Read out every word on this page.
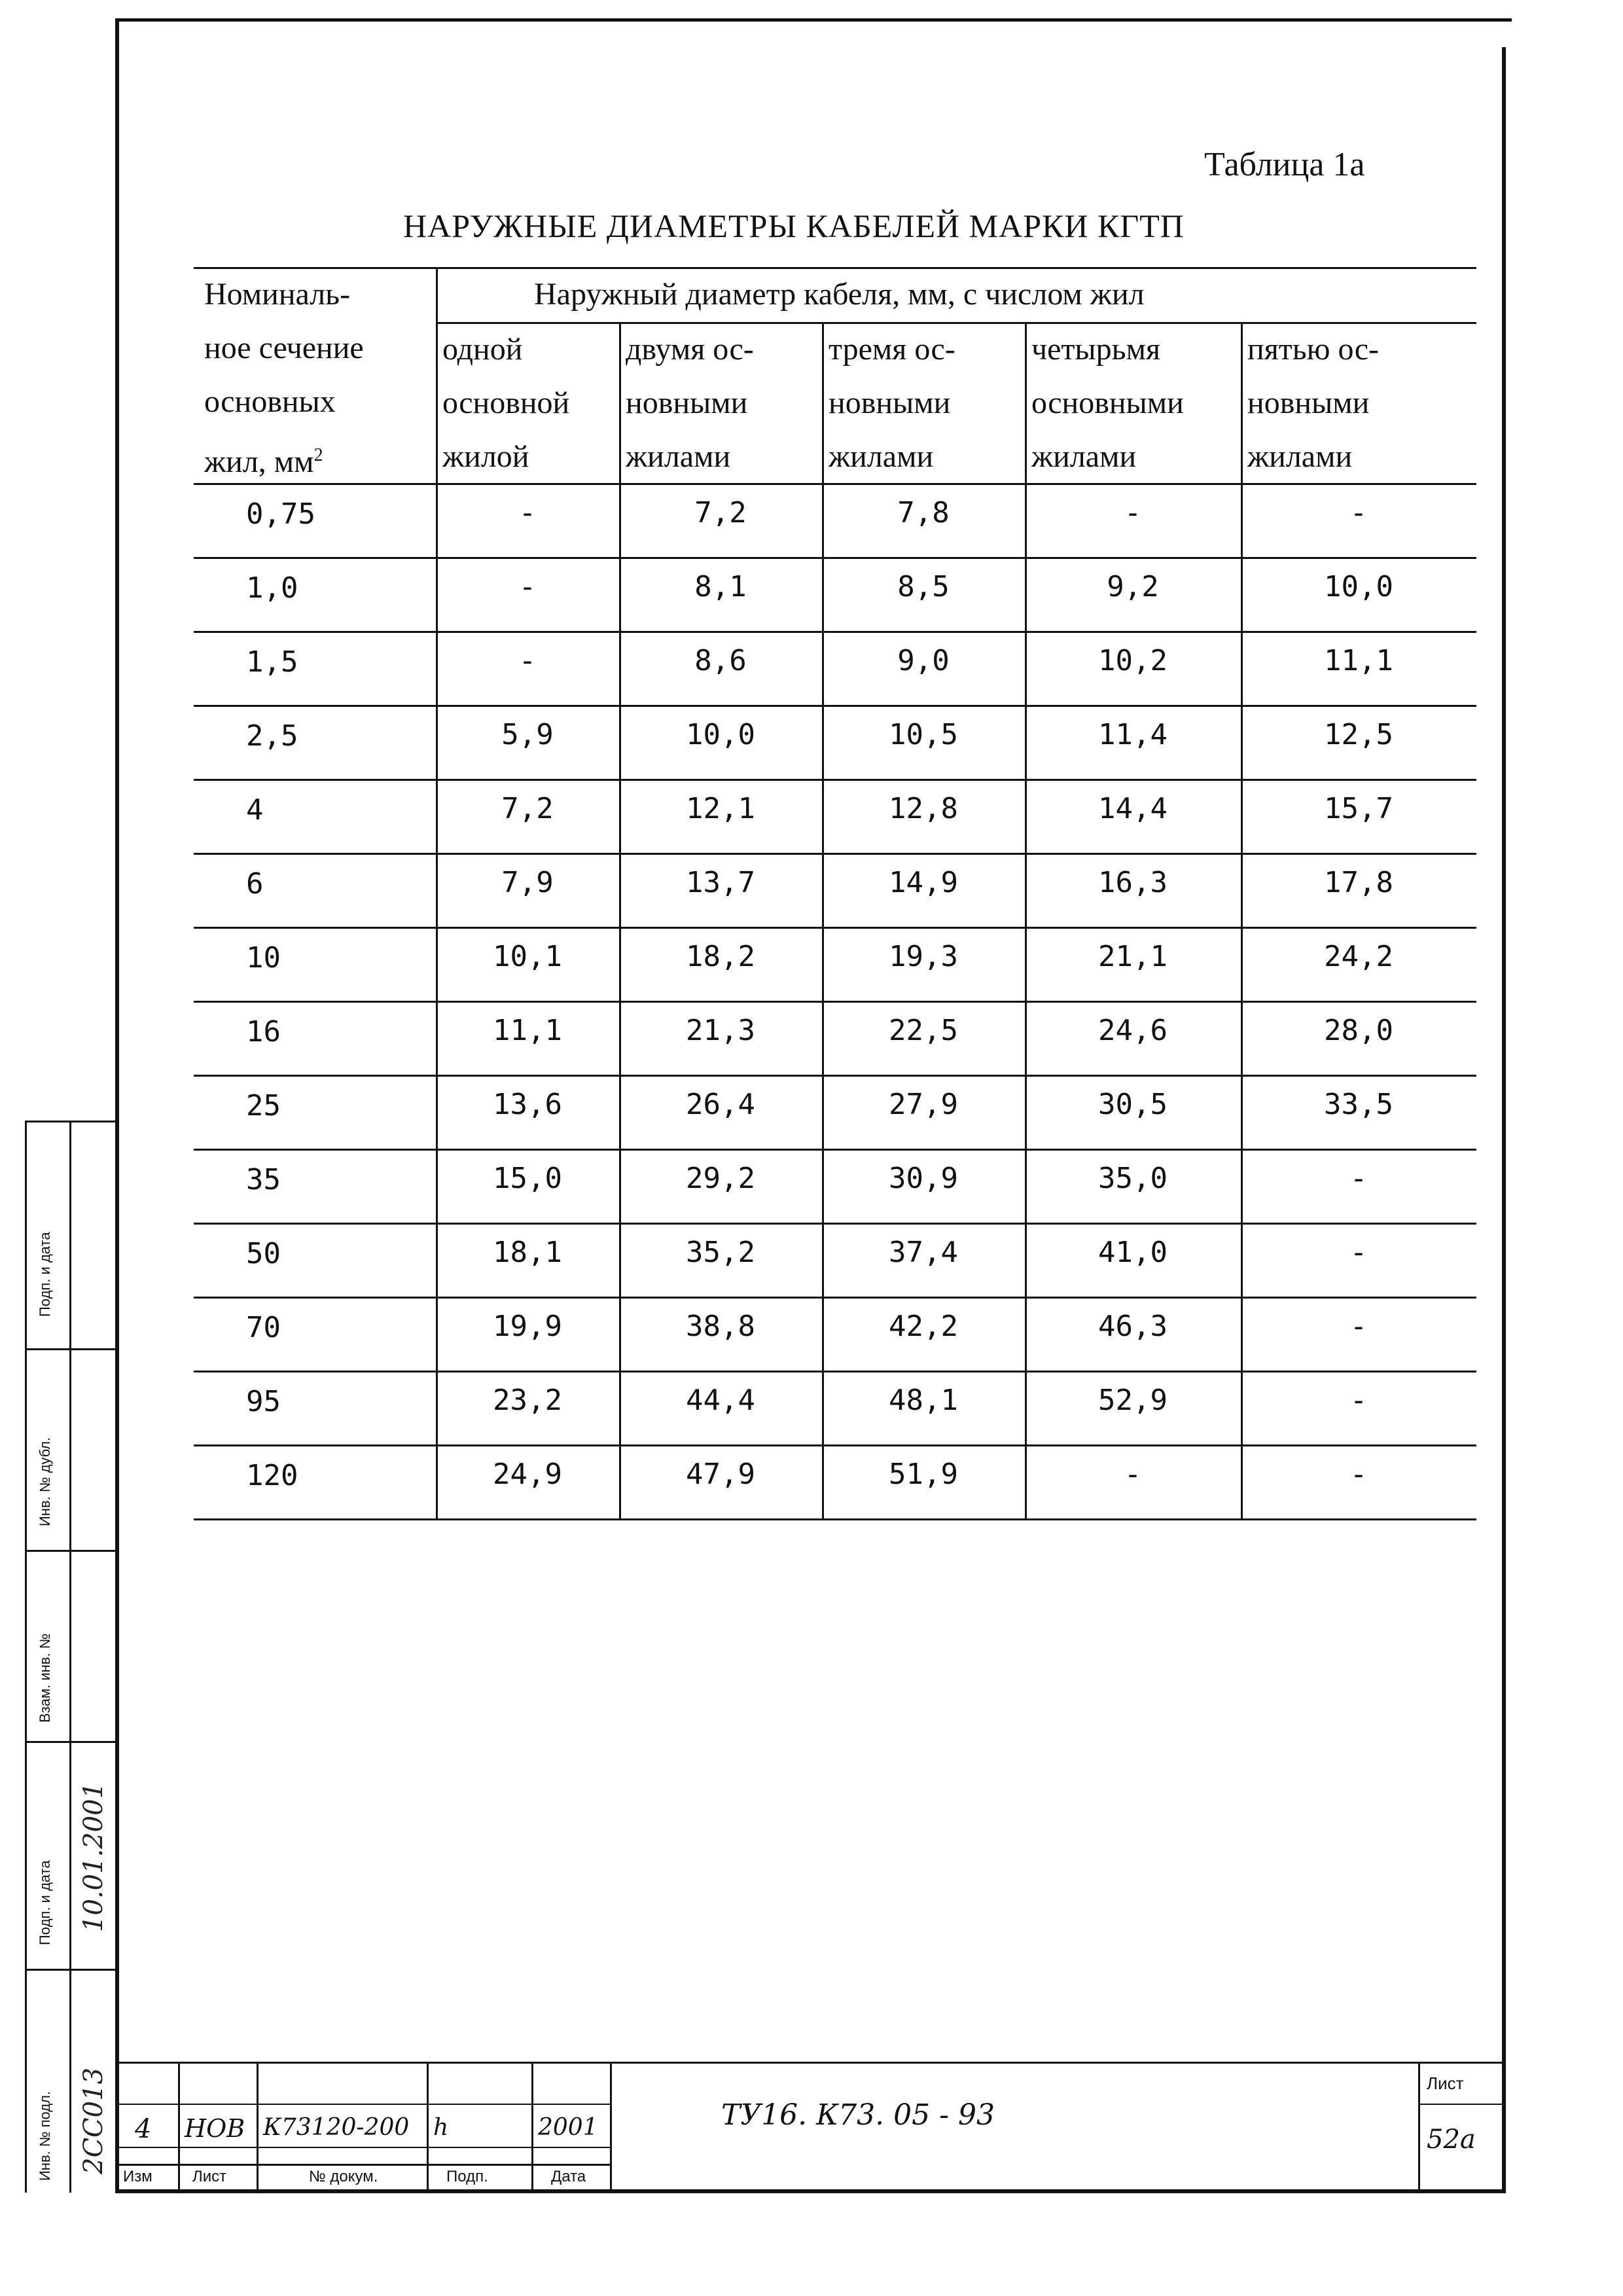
Таблица 1а
НАРУЖНЫЕ ДИАМЕТРЫ КАБЕЛЕЙ МАРКИ КГТП
Номиналь-
ное сечение
основных
жил, $мм^2$
Наружный диаметр кабеля, мм, с числом жил
одной
основной
жилой
двумя ос-
новными
жилами
тремя ос-
новными
жилами
четырьмя
основными
жилами
пятью ос-
новными
жилами
0,75	-	7,2	7,8	-	-
1,0	-	8,1	8,5	9,2	10,0
1,5	-	8,6	9,0	10,2	11,1
2,5	5,9	10,0	10,5	11,4	12,5
4	7,2	12,1	12,8	14,4	15,7
6	7,9	13,7	14,9	16,3	17,8
10	10,1	18,2	19,3	21,1	24,2
16	11,1	21,3	22,5	24,6	28,0
25	13,6	26,4	27,9	30,5	33,5
35	15,0	29,2	30,9	35,0	-
50	18,1	35,2	37,4	41,0	-
70	19,9	38,8	42,2	46,3	-
95	23,2	44,4	48,1	52,9	-
120	24,9	47,9	51,9	-	-
Подп. и дата
Инв. № дубл.
Взам. инв. №
Подп. и дата
Инв. № подл.
10.01.2001
2CC013
Изм	Лист	№ докум.	Подп.	Дата
4 НОВ К73120-200 ℎ	2001	ТУ16. К73. 05 - 93
Лист
52а
